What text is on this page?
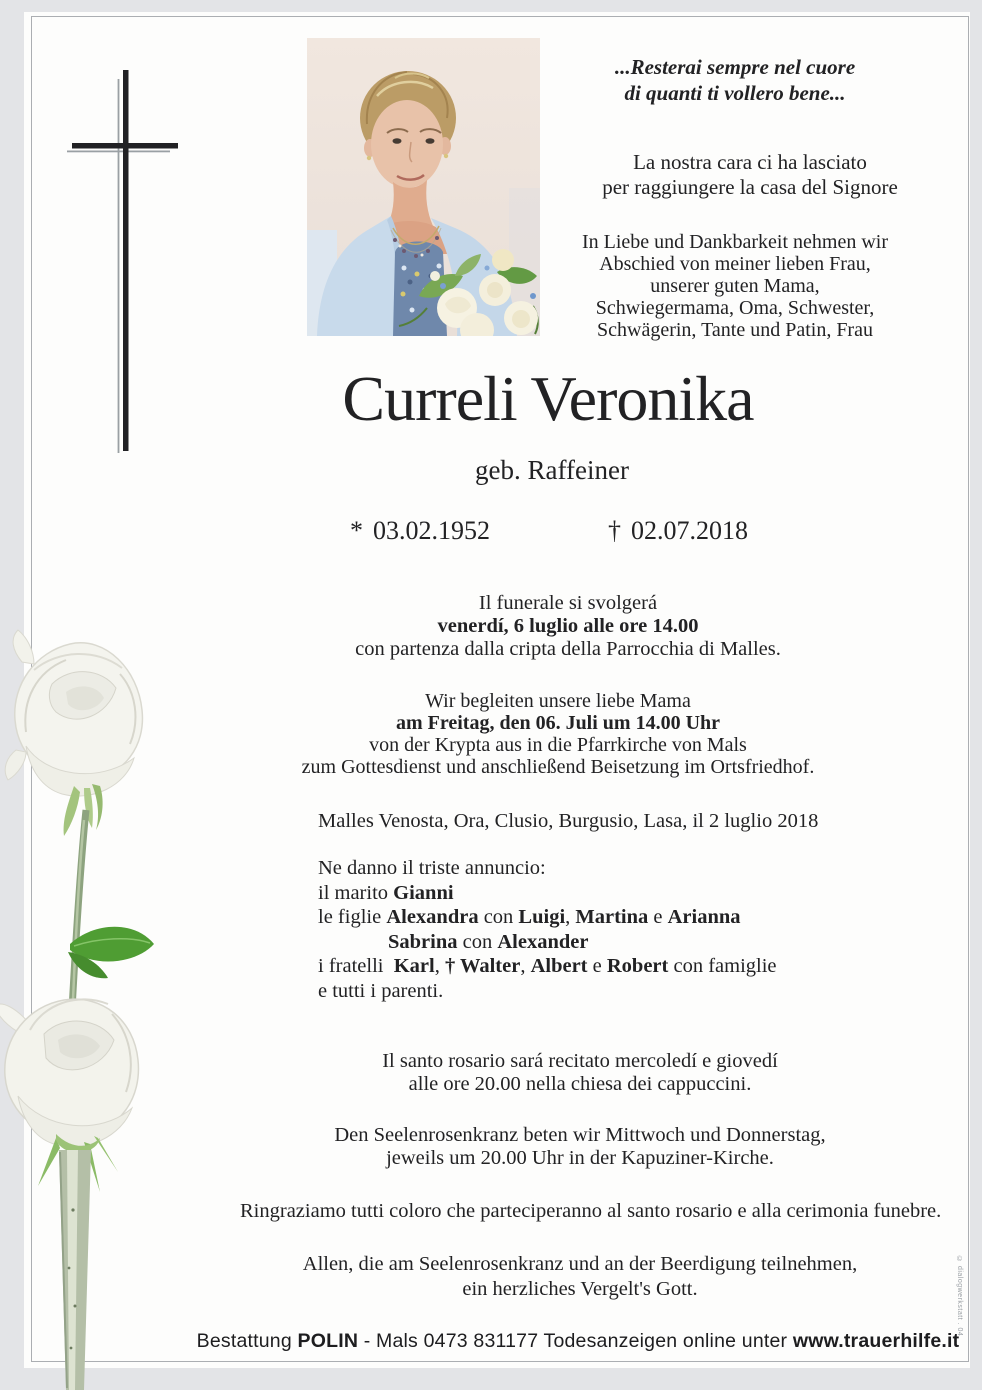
...Resterai sempre nel cuore
di quanti ti vollero bene...
La nostra cara ci ha lasciato
per raggiungere la casa del Signore
In Liebe und Dankbarkeit nehmen wir
Abschied von meiner lieben Frau,
unserer guten Mama,
Schwiegermama, Oma, Schwester,
Schwägerin, Tante und Patin, Frau
Curreli Veronika
geb. Raffeiner
* 03.02.1952	† 02.07.2018
Il funerale si svolgerá
venerdí, 6 luglio alle ore 14.00
con partenza dalla cripta della Parrocchia di Malles.
Wir begleiten unsere liebe Mama
am Freitag, den 06. Juli um 14.00 Uhr
von der Krypta aus in die Pfarrkirche von Mals
zum Gottesdienst und anschließend Beisetzung im Ortsfriedhof.
Malles Venosta, Ora, Clusio, Burgusio, Lasa, il 2 luglio 2018
Ne danno il triste annuncio:
il marito Gianni
le figlie Alexandra con Luigi, Martina e Arianna
Sabrina con Alexander
i fratelli  Karl, † Walter, Albert e Robert con famiglie
e tutti i parenti.
Il santo rosario sará recitato mercoledí e giovedí
alle ore 20.00 nella chiesa dei cappuccini.
Den Seelenrosenkranz beten wir Mittwoch und Donnerstag,
jeweils um 20.00 Uhr in der Kapuziner-Kirche.
Ringraziamo tutti coloro che parteciperanno al santo rosario e alla cerimonia funebre.
Allen, die am Seelenrosenkranz und an der Beerdigung teilnehmen,
ein herzliches Vergelt's Gott.
Bestattung POLIN - Mals 0473 831177 Todesanzeigen online unter www.trauerhilfe.it
© dialogwerkstatt . 04
